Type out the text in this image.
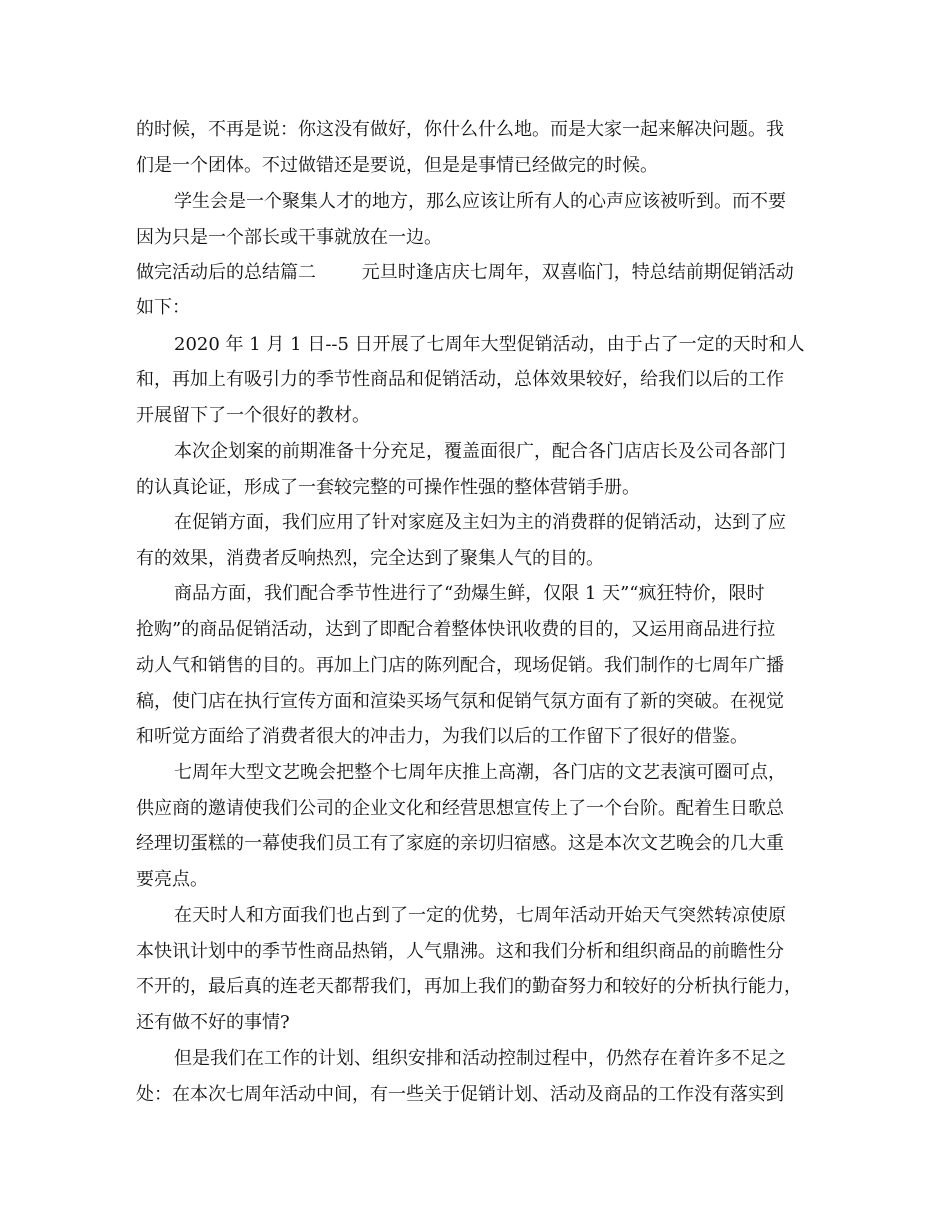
的时候，不再是说：你这没有做好，你什么什么地。而是大家一起来解决问题。我
们是一个团体。不过做错还是要说，但是是事情已经做完的时候。
学生会是一个聚集人才的地方，那么应该让所有人的心声应该被听到。而不要
因为只是一个部长或干事就放在一边。
做完活动后的总结篇二        元旦时逢店庆七周年，双喜临门，特总结前期促销活动
如下：
2020 年 1 月 1 日--5 日开展了七周年大型促销活动，由于占了一定的天时和人
和，再加上有吸引力的季节性商品和促销活动，总体效果较好，给我们以后的工作
开展留下了一个很好的教材。
本次企划案的前期准备十分充足，覆盖面很广，配合各门店店长及公司各部门
的认真论证，形成了一套较完整的可操作性强的整体营销手册。
在促销方面，我们应用了针对家庭及主妇为主的消费群的促销活动，达到了应
有的效果，消费者反响热烈，完全达到了聚集人气的目的。
商品方面，我们配合季节性进行了“劲爆生鲜，仅限 1 天”“疯狂特价，限时
抢购”的商品促销活动，达到了即配合着整体快讯收费的目的，又运用商品进行拉
动人气和销售的目的。再加上门店的陈列配合，现场促销。我们制作的七周年广播
稿，使门店在执行宣传方面和渲染买场气氛和促销气氛方面有了新的突破。在视觉
和听觉方面给了消费者很大的冲击力，为我们以后的工作留下了很好的借鉴。
七周年大型文艺晚会把整个七周年庆推上高潮，各门店的文艺表演可圈可点，
供应商的邀请使我们公司的企业文化和经营思想宣传上了一个台阶。配着生日歌总
经理切蛋糕的一幕使我们员工有了家庭的亲切归宿感。这是本次文艺晚会的几大重
要亮点。
在天时人和方面我们也占到了一定的优势，七周年活动开始天气突然转凉使原
本快讯计划中的季节性商品热销，人气鼎沸。这和我们分析和组织商品的前瞻性分
不开的，最后真的连老天都帮我们，再加上我们的勤奋努力和较好的分析执行能力，
还有做不好的事情?
但是我们在工作的计划、组织安排和活动控制过程中，仍然存在着许多不足之
处：在本次七周年活动中间，有一些关于促销计划、活动及商品的工作没有落实到
